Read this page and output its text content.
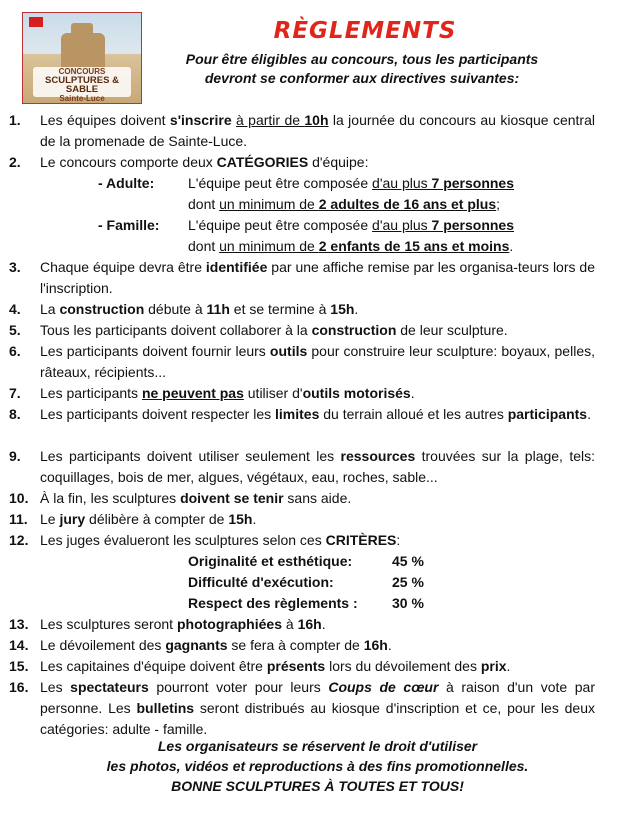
CONCOURS
SCULPTURES & SABLE
Sainte-Luce
RÈGLEMENTS
Pour être éligibles au concours, tous les participants
devront se conformer aux directives suivantes:
1. Les équipes doivent s'inscrire à partir de 10h la journée du concours au kiosque central de la promenade de Sainte-Luce.
2. Le concours comporte deux CATÉGORIES d'équipe:
- Adulte: L'équipe peut être composée d'au plus 7 personnes
dont un minimum de 2 adultes de 16 ans et plus;
- Famille: L'équipe peut être composée d'au plus 7 personnes
dont un minimum de 2 enfants de 15 ans et moins.
3. Chaque équipe devra être identifiée par une affiche remise par les organisa-teurs lors de l'inscription.
4. La construction débute à 11h et se termine à 15h.
5. Tous les participants doivent collaborer à la construction de leur sculpture.
6. Les participants doivent fournir leurs outils pour construire leur sculpture: boyaux, pelles, râteaux, récipients...
7. Les participants ne peuvent pas utiliser d'outils motorisés.
8. Les participants doivent respecter les limites du terrain alloué et les autres participants.
9. Les participants doivent utiliser seulement les ressources trouvées sur la plage, tels: coquillages, bois de mer, algues, végétaux, eau, roches, sable...
10. À la fin, les sculptures doivent se tenir sans aide.
11. Le jury délibère à compter de 15h.
12. Les juges évalueront les sculptures selon ces CRITÈRES:
Originalité et esthétique:	45 %
Difficulté d'exécution:	25 %
Respect des règlements : 30 %
13. Les sculptures seront photographiées à 16h.
14. Le dévoilement des gagnants se fera à compter de 16h.
15. Les capitaines d'équipe doivent être présents lors du dévoilement des prix.
16. Les spectateurs pourront voter pour leurs Coups de cœur à raison d'un vote par personne. Les bulletins seront distribués au kiosque d'inscription et ce, pour les deux catégories: adulte - famille.
Les organisateurs se réservent le droit d'utiliser
les photos, vidéos et reproductions à des fins promotionnelles.
BONNE SCULPTURES À TOUTES ET TOUS!
